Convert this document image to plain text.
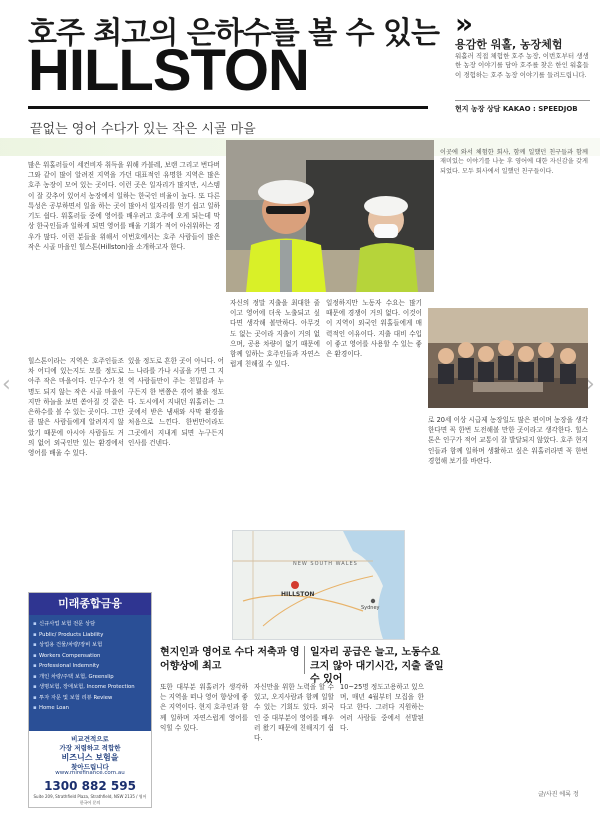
호주 최고의 은하수를 볼 수 있는
HILLSTON
끝없는 영어 수다가 있는 작은 시골 마을
»
용감한 워홀, 농장체험
워홀러 직접 체험한 호주 농장, 이번호부터 생생한 농장 이야기를 담아 호주를 찾은 한인 워홀들이 경험하는 호주 농장 이야기를 들려드립니다.
현지 농장 상담 KAKAO : SPEEDJOB
이곳에 와서 체험한 회사, 함께 일했던 친구들과 함께 재미있는 이야기를 나눈 후 영어에 대한 자신감을 갖게 되었다. 모두 회사에서 일했던 친구들이다.
많은 워홀러들이 세컨비자 취득을 위해 카블레, 보랜 그리고 번다버그와 같이 많이 알려진 지역을 가던 대표적인 유명한 지역은 많은 호주 농장이 모여 있는 곳이다. 이런 곳은 일자리가 많지만, 시스템이 잘 갖추어 있어서 농장에서 일하는 한국인 비율이 높다. 또 다른 특성은 공부하면서 일을 하는 곳이 많아서 일자리를 얻기 쉽고 일하기도 쉽다. 워홀러들 중에 영어를 배우려고 호주에 오게 되는데 막상 한국인들과 일하게 되면 영어를 배울 기회가 적어 아쉬워하는 경우가 많다. 이런 분들을 위해서 이번호에서는 호주 사람들이 많은 작은 시골 마을인 힐스톤(Hillston)을 소개하고자 한다.
힐스톤이라는 지역은 호주인들조차 어디에 있는지도 모를 정도로 아주 작은 마을이다. 인구수가 천명도 되지 않는 작은 시골 마을이지만 하늘을 보면 쏟아질 것 같은 은하수를 볼 수 있는 곳이다. 그만큼 많은 사람들에게 알려지지 않았기 때문에 아시아 사람들도 거의 없어 외국인만 있는 환경에서 영어를 배울 수 있다.
있을 정도로 흔한 곳이 아니다. 어느 나라를 가나 시골을 가면 그 지역 사람들만이 주는 친밀감과 누구든지 한 번쯤은 겪어 봤을 정도다. 도시에서 지내던 워홀러는 그곳에서 받은 냄새와 사막 환경을 처음으로 느낀다. 한번만이라도 그곳에서 지내게 되면 누구든지 인사를 건넨다.
자신의 정말 지출을 최대한 줄이고 영어에 더욱 노출되고 싶다면 생각해 볼만하다. 아무것도 없는 곳이라 지출이 거의 없으며, 공용 차량이 없기 때문에 함께 일하는 호주인들과 자연스럽게 친해질 수 있다.
일정하지만 노동자 수요는 많기 때문에 경쟁이 거의 없다. 이것이 이 지역이 외국인 워홀들에게 매력적인 이유이다. 지출 대비 수입이 좋고 영어를 사용할 수 있는 좋은 환경이다.
로 20세 이상 시급제 농장일도 많은 편이며 농장을 생각한다면 꼭 한번 도전해볼 만한 곳이라고 생각한다. 힐스톤은 인구가 적어 교통이 잘 발달되지 않았다. 호주 현지인들과 함께 일하며 생활하고 싶은 워홀러라면 꼭 한번 경험해 보기를 바란다.
HILLSTON
NEW SOUTH WALES
Sydney
미래종합금융
▪ 신규사업 보험 전문 상담
▪ Public/ Products Liability
▪ 상업용 건물/차량/장비 보험
▪ Workers Compensation
▪ Professional Indemnity
▪ 개인 차량/주택 보험, Greenslip
▪ 생명보험, 장애보험, Income Protection
▪ 투자 자문 및 보험 리뷰 Review
▪ Home Loan
비교견적으로
가장 저렴하고 적합한
비즈니스 보험을
찾아드립니다
www.mirefinance.com.au
1300 882 595
Suite 209, Strathfield Plaza, Strathfield, NSW 2135 / 영어 한국어 문의
현지인과 영어로 수다 저축과 영어향상에 최고
일자리 공급은 늘고, 노동수요 크지 않아 대기시간, 지출 줄일 수 있어
또한 대부분 워홀러가 생각하는 지역을 떠나 영어 향상에 좋은 지역이다. 현지 호주인과 함께 일하며 자연스럽게 영어를 익힐 수 있다.
자신만을 위한 노력을 할 수 있고, 오지사람과 함께 일할 수 있는 기회도 있다. 외국인 중 대부분이 영어를 배우러 왔기 때문에 친해지기 쉽다.
10~25명 정도고용하고 있으며, 매년 4월부터 모집을 한다고 한다. 그러다 지원하는 여러 사람들 중에서 선발된다.
글/사진 에록 정
‹	›
